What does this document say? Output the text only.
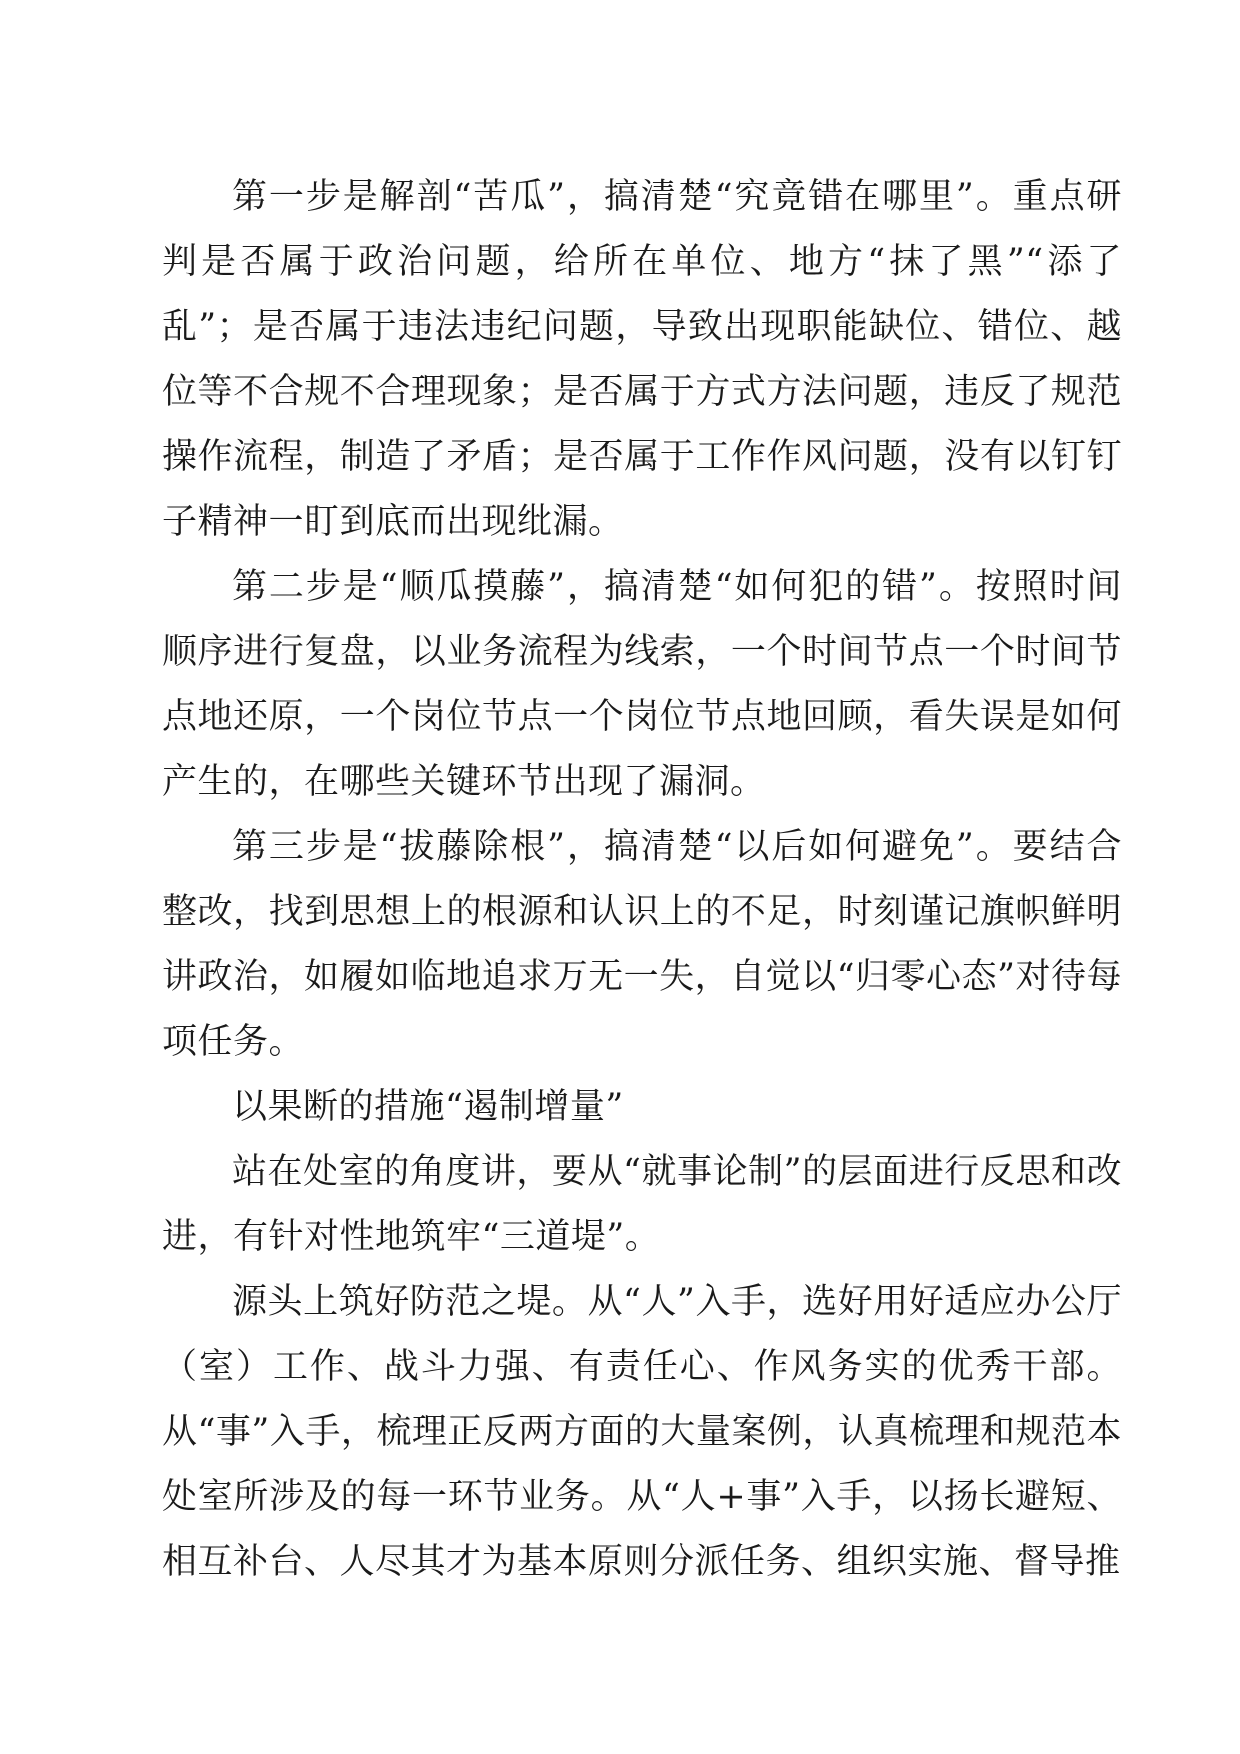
第一步是解剖“苦瓜”，搞清楚“究竟错在哪里”。重点研判是否属于政治问题，给所在单位、地方“抹了黑”“添了乱”；是否属于违法违纪问题，导致出现职能缺位、错位、越位等不合规不合理现象；是否属于方式方法问题，违反了规范操作流程，制造了矛盾；是否属于工作作风问题，没有以钉钉子精神一盯到底而出现纰漏。

第二步是“顺瓜摸藤”，搞清楚“如何犯的错”。按照时间顺序进行复盘，以业务流程为线索，一个时间节点一个时间节点地还原，一个岗位节点一个岗位节点地回顾，看失误是如何产生的，在哪些关键环节出现了漏洞。

第三步是“拔藤除根”，搞清楚“以后如何避免”。要结合整改，找到思想上的根源和认识上的不足，时刻谨记旗帜鲜明讲政治，如履如临地追求万无一失，自觉以“归零心态”对待每项任务。

以果断的措施“遏制增量”

站在处室的角度讲，要从“就事论制”的层面进行反思和改进，有针对性地筑牢“三道堤”。

源头上筑好防范之堤。从“人”入手，选好用好适应办公厅（室）工作、战斗力强、有责任心、作风务实的优秀干部。从“事”入手，梳理正反两方面的大量案例，认真梳理和规范本处室所涉及的每一环节业务。从“人+事”入手，以扬长避短、相互补台、人尽其才为基本原则分派任务、组织实施、督导推
